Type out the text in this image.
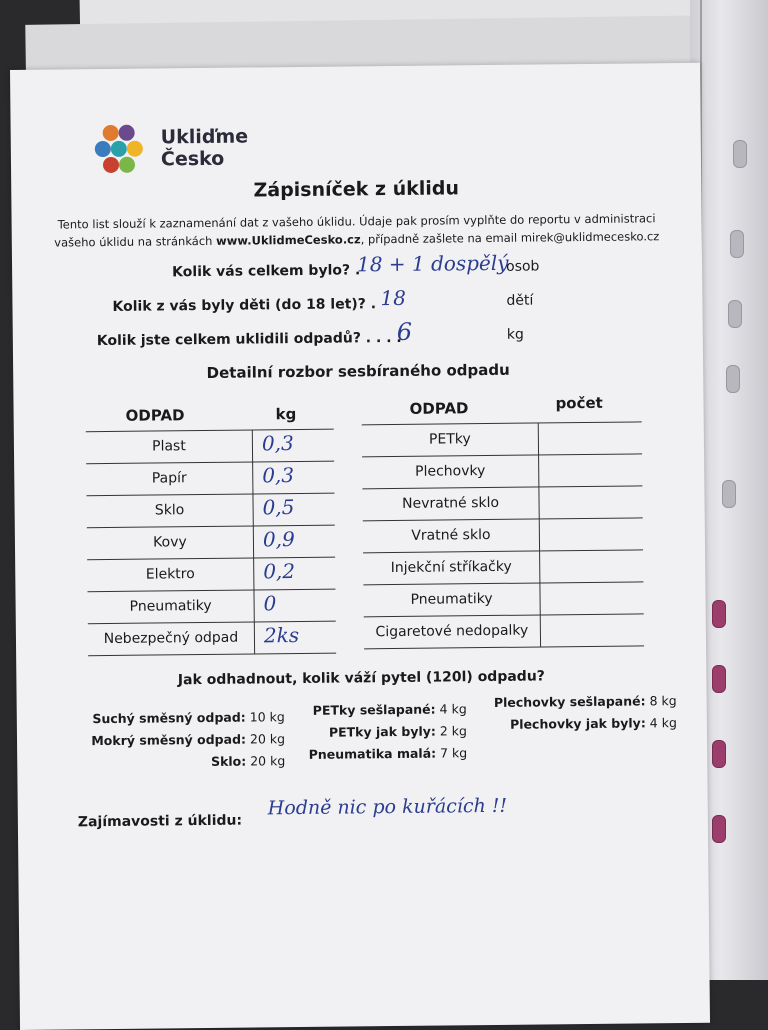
Ukliďme
Česko
Zápisníček z úklidu
Tento list slouží k zaznamenání dat z vašeho úklidu. Údaje pak prosím vyplňte do reportu v administraci
vašeho úklidu na stránkách www.UklidmeCesko.cz, případně zašlete na email mirek@uklidmecesko.cz
Kolik vás celkem bylo? .
18 + 1 dospělý
osob
Kolik z vás byly děti (do 18 let)? . 18	dětí
Kolik jste celkem uklidili odpadů? . . . .
6	kg
Detailní rozbor sesbíraného odpadu
ODPAD	kg	ODPAD	počet
Jak odhadnout, kolik váží pytel (120l) odpadu?
Suchý směsný odpad: 10 kg
Mokrý směsný odpad: 20 kg
Sklo: 20 kg
PETky sešlapané: 4 kg
PETky jak byly: 2 kg
Pneumatika malá: 7 kg
Plechovky sešlapané: 8 kg
Plechovky jak byly: 4 kg
Zajímavosti z úklidu:
Hodně nic po kuřácích !!
Plast	0,3
Papír	0,3
Sklo	0,5
Kovy	0,9
Elektro	0,2
Pneumatiky	0
Nebezpečný odpad	2ks
PETky
Plechovky
Nevratné sklo
Vratné sklo
Injekční stříkačky
Pneumatiky
Cigaretové nedopalky
